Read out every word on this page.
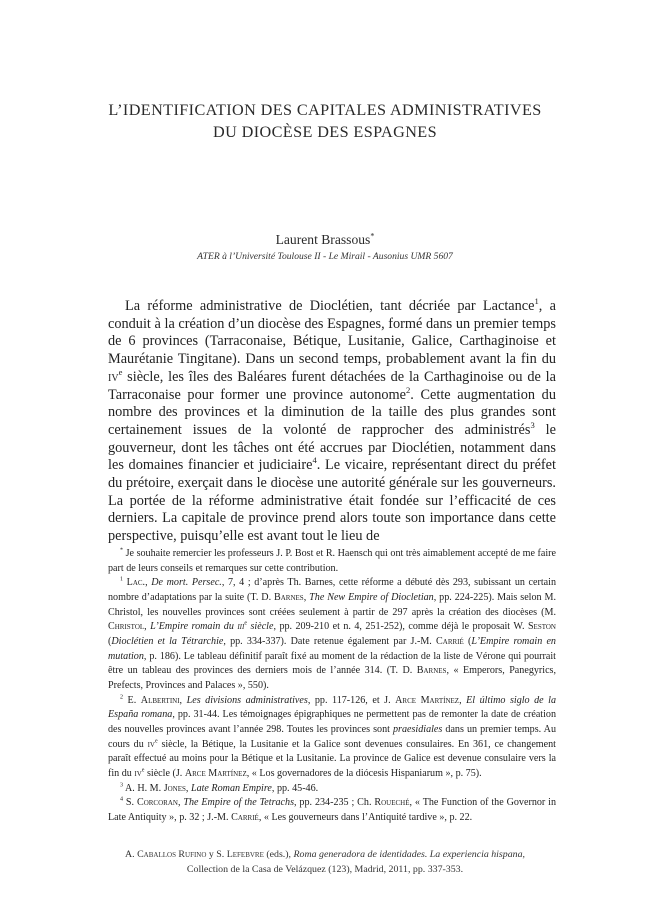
L’IDENTIFICATION DES CAPITALES ADMINISTRATIVES
DU DIOCÈSE DES ESPAGNES
Laurent Brassous*
ATER à l’Université Toulouse II - Le Mirail - Ausonius UMR 5607

La réforme administrative de Dioclétien, tant décriée par Lactance$^1$, a conduit à la création d’un diocèse des Espagnes, formé dans un premier temps de 6 provinces (Tarraconaise, Bétique, Lusitanie, Galice, Carthaginoise et Maurétanie Tingitane). Dans un second temps, probablement avant la fin du $iv^e$ siècle, les îles des Baléares furent détachées de la Carthaginoise ou de la Tarraconaise pour former une province autonome$^2$. Cette augmentation du nombre des provinces et la diminution de la taille des plus grandes sont certainement issues de la volonté de rapprocher des administrés$^3$ le gouverneur, dont les tâches ont été accrues par Dioclétien, notamment dans les domaines financier et judiciaire$^4$. Le vicaire, représentant direct du préfet du prétoire, exerçait dans le diocèse une autorité générale sur les gouverneurs. La portée de la réforme administrative était fondée sur l’efficacité de ces derniers. La capitale de province prend alors toute son importance dans cette perspective, puisqu’elle est avant tout le lieu de

* Je souhaite remercier les professeurs J. P. Bost et R. Haensch qui ont très aimablement accepté de me faire part de leurs conseils et remarques sur cette contribution.

$^1$ Lac., De mort. Persec., 7, 4 ; d’après Th. Barnes, cette réforme a débuté dès 293, subissant un certain nombre d’adaptations par la suite (T. D. Barnes, The New Empire of Diocletian, pp. 224-225). Mais selon M. Christol, les nouvelles provinces sont créées seulement à partir de 297 après la création des diocèses (M. Christol, L’Empire romain du iii$^e$ siècle, pp. 209-210 et n. 4, 251-252), comme déjà le proposait W. Seston (Dioclétien et la Tétrarchie, pp. 334-337). Date retenue également par J.-M. Carrié (L’Empire romain en mutation, p. 186). Le tableau définitif paraît fixé au moment de la rédaction de la liste de Vérone qui pourrait être un tableau des provinces des derniers mois de l’année 314. (T. D. Barnes, « Emperors, Panegyrics, Prefects, Provinces and Palaces », 550).

$^2$ E. Albertini, Les divisions administratives, pp. 117-126, et J. Arce Martínez, El último siglo de la España romana, pp. 31-44. Les témoignages épigraphiques ne permettent pas de remonter la date de création des nouvelles provinces avant l’année 298. Toutes les provinces sont praesidiales dans un premier temps. Au cours du $iv^e$ siècle, la Bétique, la Lusitanie et la Galice sont devenues consulaires. En 361, ce changement paraît effectué au moins pour la Bétique et la Lusitanie. La province de Galice est devenue consulaire vers la fin du $iv^e$ siècle (J. Arce Martínez, « Los governadores de la diócesis Hispaniarum », p. 75).

$^3$ A. H. M. Jones, Late Roman Empire, pp. 45-46.

$^4$ S. Corcoran, The Empire of the Tetrachs, pp. 234-235 ; Ch. Roueché, « The Function of the Governor in Late Antiquity », p. 32 ; J.-M. Carrié, « Les gouverneurs dans l’Antiquité tardive », p. 22.

A. Caballos Rufino y S. Lefebvre (eds.), Roma generadora de identidades. La experiencia hispana,
Collection de la Casa de Velázquez (123), Madrid, 2011, pp. 337-353.
